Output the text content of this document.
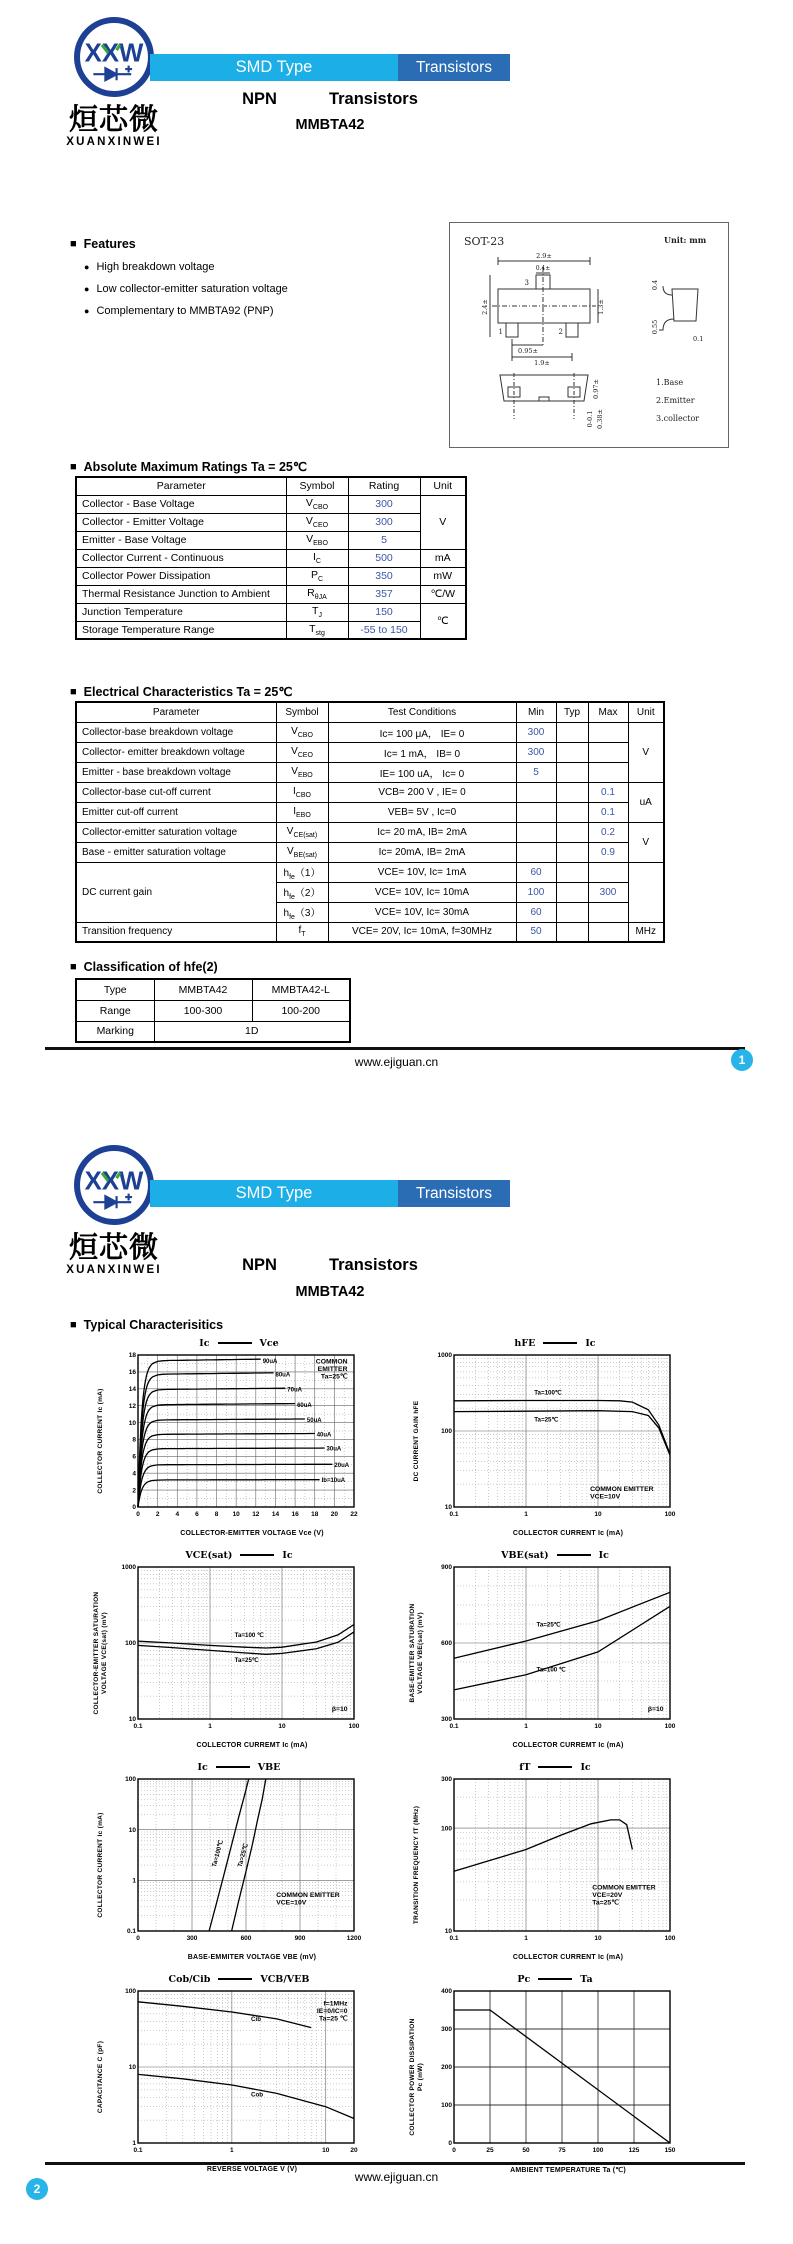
XXW
烜芯微
XUANXINWEI
SMD Type	Transistors
NPN	Transistors
MMBTA42
■ Features
● High breakdown voltage
● Low collector-emitter saturation voltage
● Complementary to MMBTA92 (PNP)
SOT-23	Unit: mm
2.9±
0.4±
3
2.4±	1.3±
1	2
0.95±
1.9±
0.4
0.55
0.1
0.97±
0-0.1 0.38±
1.Base
2.Emitter
3.collector
■ Absolute Maximum Ratings Ta = 25℃
Parameter	Symbol	Rating	Unit
Collector - Base Voltage	$V_{CBO}$	300	V
Collector - Emitter Voltage	$V_{CEO}$	300	
Emitter - Base Voltage	$V_{EBO}$	5	
Collector Current - Continuous	$I_C$	500	mA
Collector Power Dissipation	$P_C$	350	mW
Thermal Resistance Junction to Ambient	$R_{\theta JA}$	357	℃/W
Junction Temperature	$T_J$	150	℃
Storage Temperature Range	$T_{stg}$	-55 to 150	
■ Electrical Characteristics Ta = 25℃
Parameter	Symbol	Test Conditions	Min	Typ	Max	Unit
Collector-base breakdown voltage	$V_{CBO}$	Ic= 100 μA， IE= 0	300			V
Collector- emitter breakdown voltage	$V_{CEO}$	Ic= 1 mA， IB= 0	300			
Emitter - base breakdown voltage	$V_{EBO}$	IE= 100 uA， Ic= 0	5			
Collector-base cut-off current	$I_{CBO}$	VCB= 200 V , IE= 0			0.1	uA
Emitter cut-off current	$I_{EBO}$	VEB= 5V , Ic=0			0.1	
Collector-emitter saturation voltage	$V_{CE(sat)}$	Ic= 20 mA, IB= 2mA			0.2	V
Base - emitter saturation voltage	$V_{BE(sat)}$	Ic= 20mA, IB= 2mA			0.9	
DC current gain	$h_{fe}(1)$	VCE= 10V, Ic= 1mA	60			
	$h_{fe}(2)$	VCE= 10V, Ic= 10mA	100		300	
	$h_{fe}(3)$	VCE= 10V, Ic= 30mA	60			
Transition frequency	$f_T$	VCE= 20V, Ic= 10mA, f=30MHz	50			MHz
■ Classification of hfe(2)
Type	MMBTA42	MMBTA42-L
Range	100-300	100-200
Marking	1D	
www.ejiguan.cn	1
XXW
烜芯微
XUANXINWEI
SMD Type	Transistors
NPN	Transistors
MMBTA42
■ Typical Characterisitics
Ic	Vce
COLLECTOR CURRENT Ic (mA)
0 2 4 6 8 10 12 14 16 18 20 22
0
2
4
6
8
10
12
14
16
18
90uA
80uA
70uA
60uA
50uA
40uA
30uA
20uA
Ib=10uA
COMMON
EMITTER
Ta=25℃
COLLECTOR-EMITTER VOLTAGE Vce (V)
hFE	Ic
DC CURRENT GAIN hFE
0.1	1	10	100
10
100
1000
Ta=100℃
Ta=25℃
COMMON EMITTER
VCE=10V
COLLECTOR CURRENT Ic (mA)
VCE(sat)	Ic
COLLECTOR-EMITTER SATURATION VOLTAGE VCE(sat) (mV)
0.1	1	10	100
10
100
1000
Ta=100 ℃
Ta=25℃
β=10
COLLECTOR CURREMT Ic (mA)
VBE(sat)	Ic
BASE-EMITTER SATURATION VOLTAGE VBE(sat) (mV)
0.1	1	10	100
300
600
900
Ta=25℃
Ta=100 ℃
β=10
COLLECTOR CURREMT Ic (mA)
Ic	VBE
COLLECTOR CURRENT Ic (mA)
0	300	600	900	1200
0.1
1
10
100
Ta=100℃ Ta=25℃
COMMON EMITTER
VCE=10V
BASE-EMMITER VOLTAGE VBE (mV)
fT	Ic
TRANSITION FREQUENCY fT (MHz)
0.1	1	10	100
10
100
300
COMMON EMITTER
VCE=20V
Ta=25℃
COLLECTOR CURRENT Ic (mA)
Cob/Cib	VCB/VEB
CAPACITANCE C (pF)
0.1	1	10	20
1
10
100
Cib
Cob
f=1MHz
IE=0/IC=0
Ta=25 ℃
REVERSE VOLTAGE V (V)
Pc	Ta
COLLECTOR POWER DISSIPATION Pc (mW)
0	25	50	75	100	125	150
0
100
200
300
400
AMBIENT TEMPERATURE Ta (℃)
www.ejiguan.cn
2
